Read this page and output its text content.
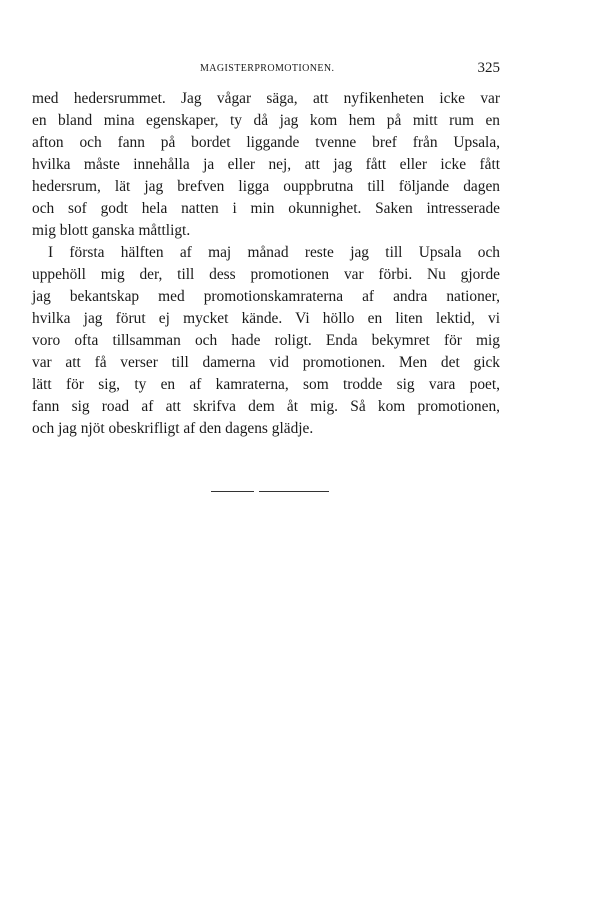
MAGISTERPROMOTIONEN.	325
med hedersrummet. Jag vågar säga, att nyfikenheten icke var
en bland mina egenskaper, ty då jag kom hem på mitt rum en
afton och fann på bordet liggande tvenne bref från Upsala,
hvilka måste innehålla ja eller nej, att jag fått eller icke fått
hedersrum, lät jag brefven ligga ouppbrutna till följande dagen
och sof godt hela natten i min okunnighet. Saken intresserade
mig blott ganska måttligt.
I första hälften af maj månad reste jag till Upsala och
uppehöll mig der, till dess promotionen var förbi. Nu gjorde
jag bekantskap med promotionskamraterna af andra nationer,
hvilka jag förut ej mycket kände. Vi höllo en liten lektid, vi
voro ofta tillsamman och hade roligt. Enda bekymret för mig
var att få verser till damerna vid promotionen. Men det gick
lätt för sig, ty en af kamraterna, som trodde sig vara poet,
fann sig road af att skrifva dem åt mig. Så kom promotionen,
och jag njöt obeskrifligt af den dagens glädje.
